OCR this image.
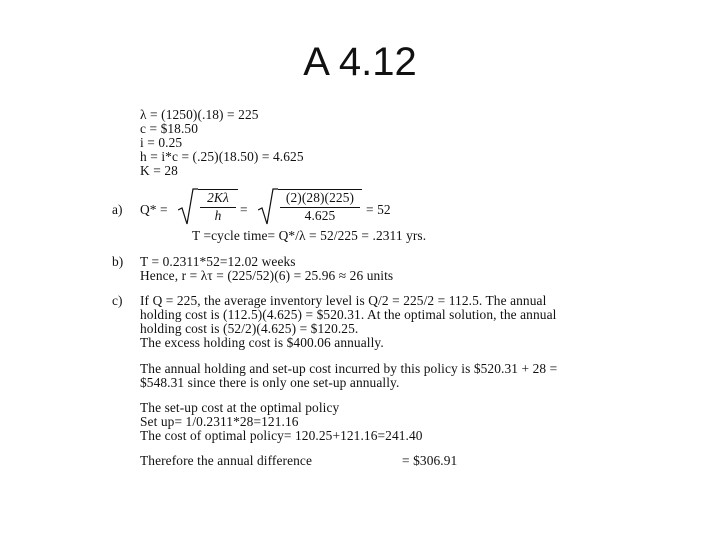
A 4.12
λ = (1250)(.18) = 225
c = $18.50
i = 0.25
h = i*c = (.25)(18.50) = 4.625
K = 28
a) Q* =
2Kλ
h	=
(2)(28)(225)
4.625	= 52
T =cycle time= Q*/λ = 52/225 = .2311 yrs.
b) T = 0.2311*52=12.02 weeks
Hence, r = λτ = (225/52)(6) = 25.96 ≈ 26 units
c) If Q = 225, the average inventory level is Q/2 = 225/2 = 112.5. The annual
holding cost is (112.5)(4.625) = $520.31. At the optimal solution, the annual
holding cost is (52/2)(4.625) = $120.25.
The excess holding cost is $400.06 annually.
The annual holding and set-up cost incurred by this policy is $520.31 + 28 =
$548.31 since there is only one set-up annually.
The set-up cost at the optimal policy
Set up= 1/0.2311*28=121.16
The cost of optimal policy= 120.25+121.16=241.40
Therefore the annual difference	= $306.91
